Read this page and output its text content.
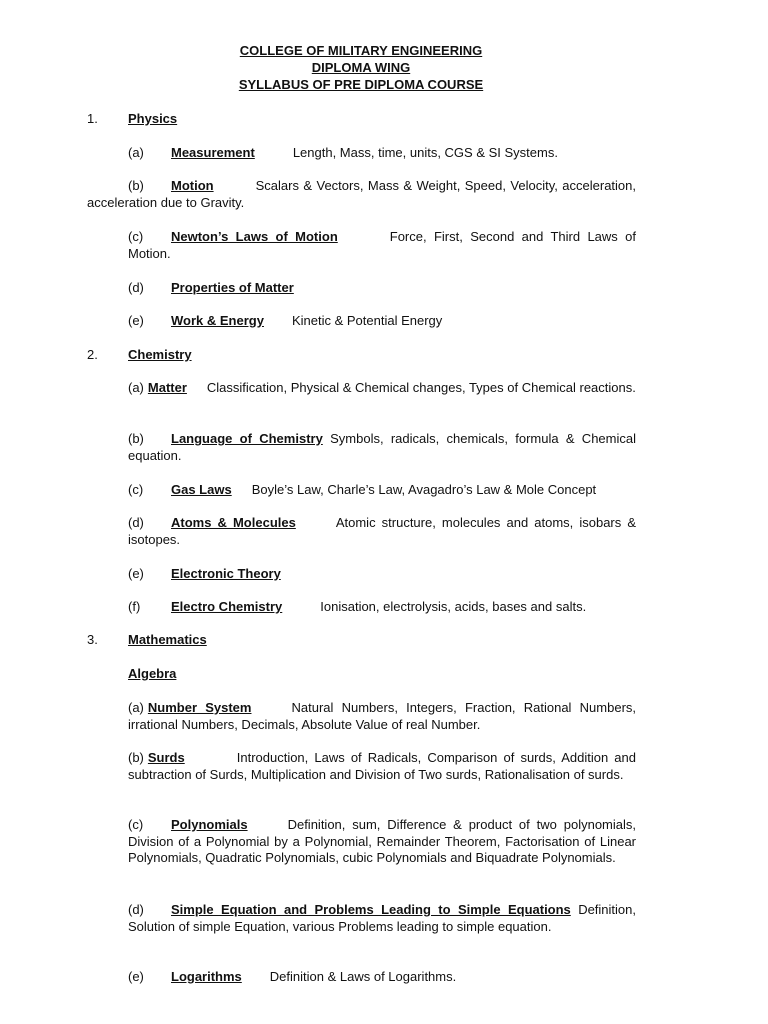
COLLEGE OF MILITARY ENGINEERING
DIPLOMA WING
SYLLABUS OF PRE DIPLOMA COURSE
1. Physics
(a) Measurement	Length, Mass, time, units, CGS & SI Systems.
(b) Motion	Scalars & Vectors, Mass & Weight, Speed, Velocity, acceleration, acceleration due to Gravity.
(c) Newton’s Laws of Motion	Force, First, Second and Third Laws of Motion.
(d) Properties of Matter
(e) Work & Energy Kinetic & Potential Energy
2. Chemistry
(a) Matter Classification, Physical & Chemical changes, Types of Chemical reactions.
(b) Language of Chemistry Symbols, radicals, chemicals, formula & Chemical equation.
(c) Gas Laws Boyle’s Law, Charle’s Law, Avagadro’s Law & Mole Concept
(d) Atoms & Molecules	Atomic structure, molecules and atoms, isobars & isotopes.
(e) Electronic Theory
(f) Electro Chemistry	Ionisation, electrolysis, acids, bases and salts.
3. Mathematics
Algebra
(a) Number System	Natural Numbers, Integers, Fraction, Rational Numbers, irrational Numbers, Decimals, Absolute Value of real Number.
(b) Surds	Introduction, Laws of Radicals, Comparison of surds, Addition and subtraction of Surds, Multiplication and Division of Two surds, Rationalisation of surds.
(c) Polynomials	Definition, sum, Difference & product of two polynomials, Division of a Polynomial by a Polynomial, Remainder Theorem, Factorisation of Linear Polynomials, Quadratic Polynomials, cubic Polynomials and Biquadrate Polynomials.
(d) Simple Equation and Problems Leading to Simple Equations Definition, Solution of simple Equation, various Problems leading to simple equation.
(e) Logarithms Definition & Laws of Logarithms.
